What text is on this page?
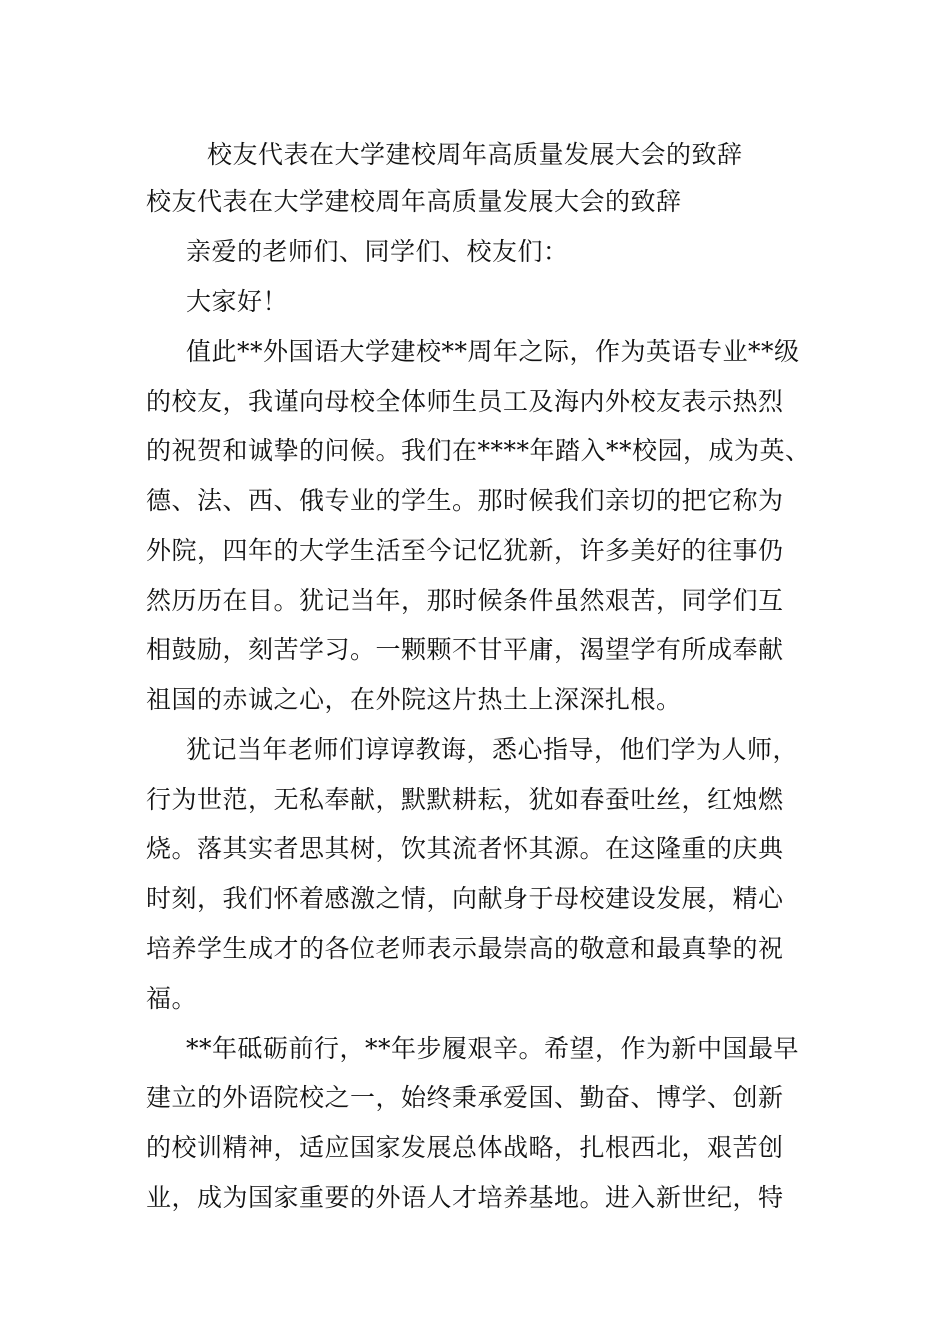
校友代表在大学建校周年高质量发展大会的致辞
校友代表在大学建校周年高质量发展大会的致辞
亲爱的老师们、同学们、校友们：
大家好！
值此**外国语大学建校**周年之际，作为英语专业**级
的校友，我谨向母校全体师生员工及海内外校友表示热烈
的祝贺和诚挚的问候。我们在****年踏入**校园，成为英、
德、法、西、俄专业的学生。那时候我们亲切的把它称为
外院，四年的大学生活至今记忆犹新，许多美好的往事仍
然历历在目。犹记当年，那时候条件虽然艰苦，同学们互
相鼓励，刻苦学习。一颗颗不甘平庸，渴望学有所成奉献
祖国的赤诚之心，在外院这片热土上深深扎根。
犹记当年老师们谆谆教诲，悉心指导，他们学为人师，
行为世范，无私奉献，默默耕耘，犹如春蚕吐丝，红烛燃
烧。落其实者思其树，饮其流者怀其源。在这隆重的庆典
时刻，我们怀着感激之情，向献身于母校建设发展，精心
培养学生成才的各位老师表示最崇高的敬意和最真挚的祝
福。
**年砥砺前行，**年步履艰辛。希望，作为新中国最早
建立的外语院校之一，始终秉承爱国、勤奋、博学、创新
的校训精神，适应国家发展总体战略，扎根西北，艰苦创
业，成为国家重要的外语人才培养基地。进入新世纪，特
